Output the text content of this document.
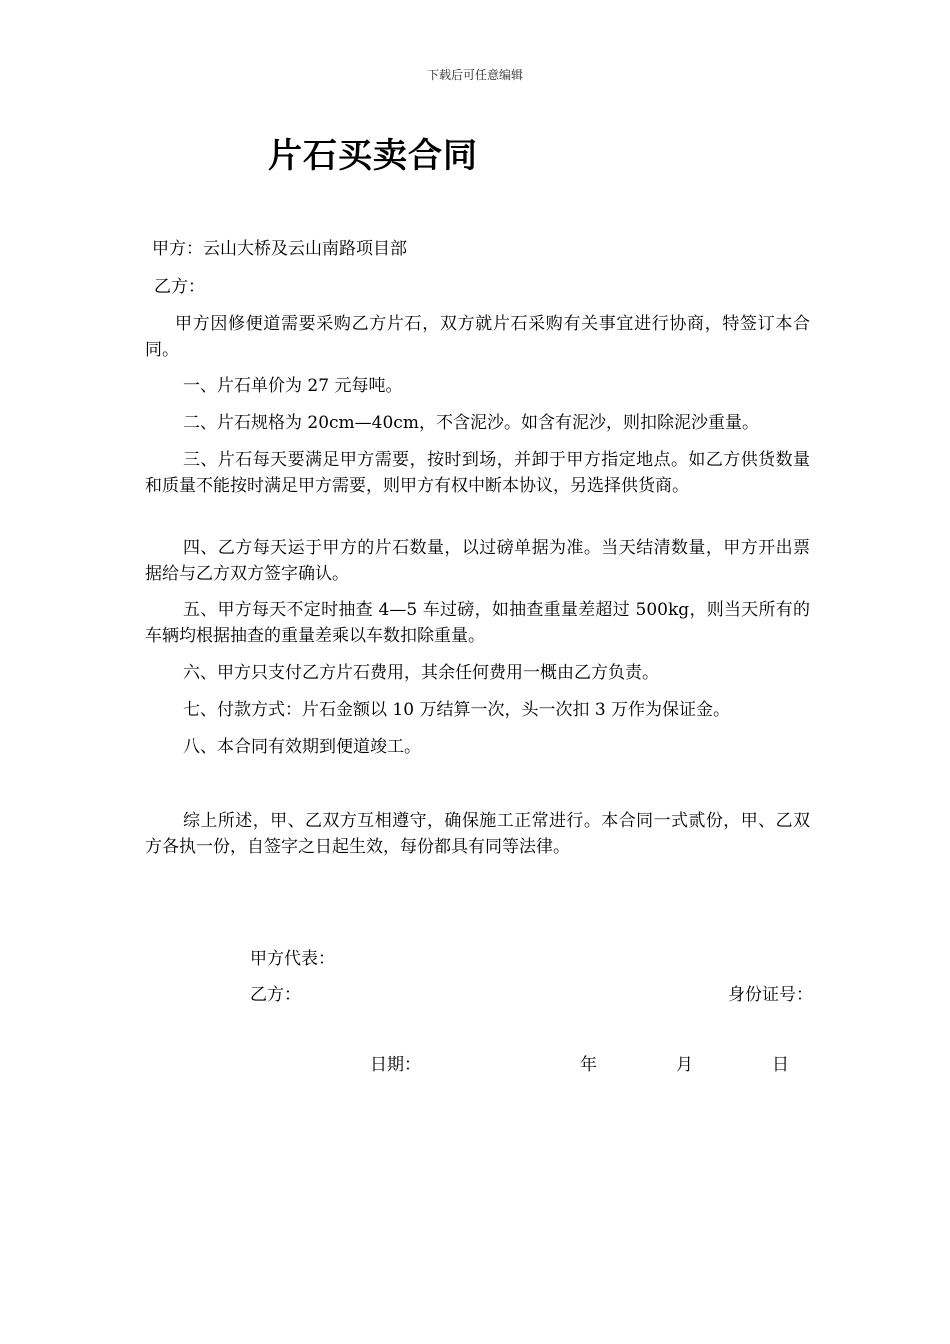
下载后可任意编辑
片石买卖合同
甲方：云山大桥及云山南路项目部
乙方：
甲方因修便道需要采购乙方片石，双方就片石采购有关事宜进行协商，特签订本合同。
一、片石单价为 27 元每吨。
二、片石规格为 20cm—40cm，不含泥沙。如含有泥沙，则扣除泥沙重量。
三、片石每天要满足甲方需要，按时到场，并卸于甲方指定地点。如乙方供货数量和质量不能按时满足甲方需要，则甲方有权中断本协议，另选择供货商。
四、乙方每天运于甲方的片石数量，以过磅单据为准。当天结清数量，甲方开出票据给与乙方双方签字确认。
五、甲方每天不定时抽查 4—5 车过磅，如抽查重量差超过 500kg，则当天所有的车辆均根据抽查的重量差乘以车数扣除重量。
六、甲方只支付乙方片石费用，其余任何费用一概由乙方负责。
七、付款方式：片石金额以 10 万结算一次，头一次扣 3 万作为保证金。
八、本合同有效期到便道竣工。
综上所述，甲、乙双方互相遵守，确保施工正常进行。本合同一式贰份，甲、乙双方各执一份，自签字之日起生效，每份都具有同等法律。
甲方代表：
乙方：	身份证号：
日期：	年	月	日
